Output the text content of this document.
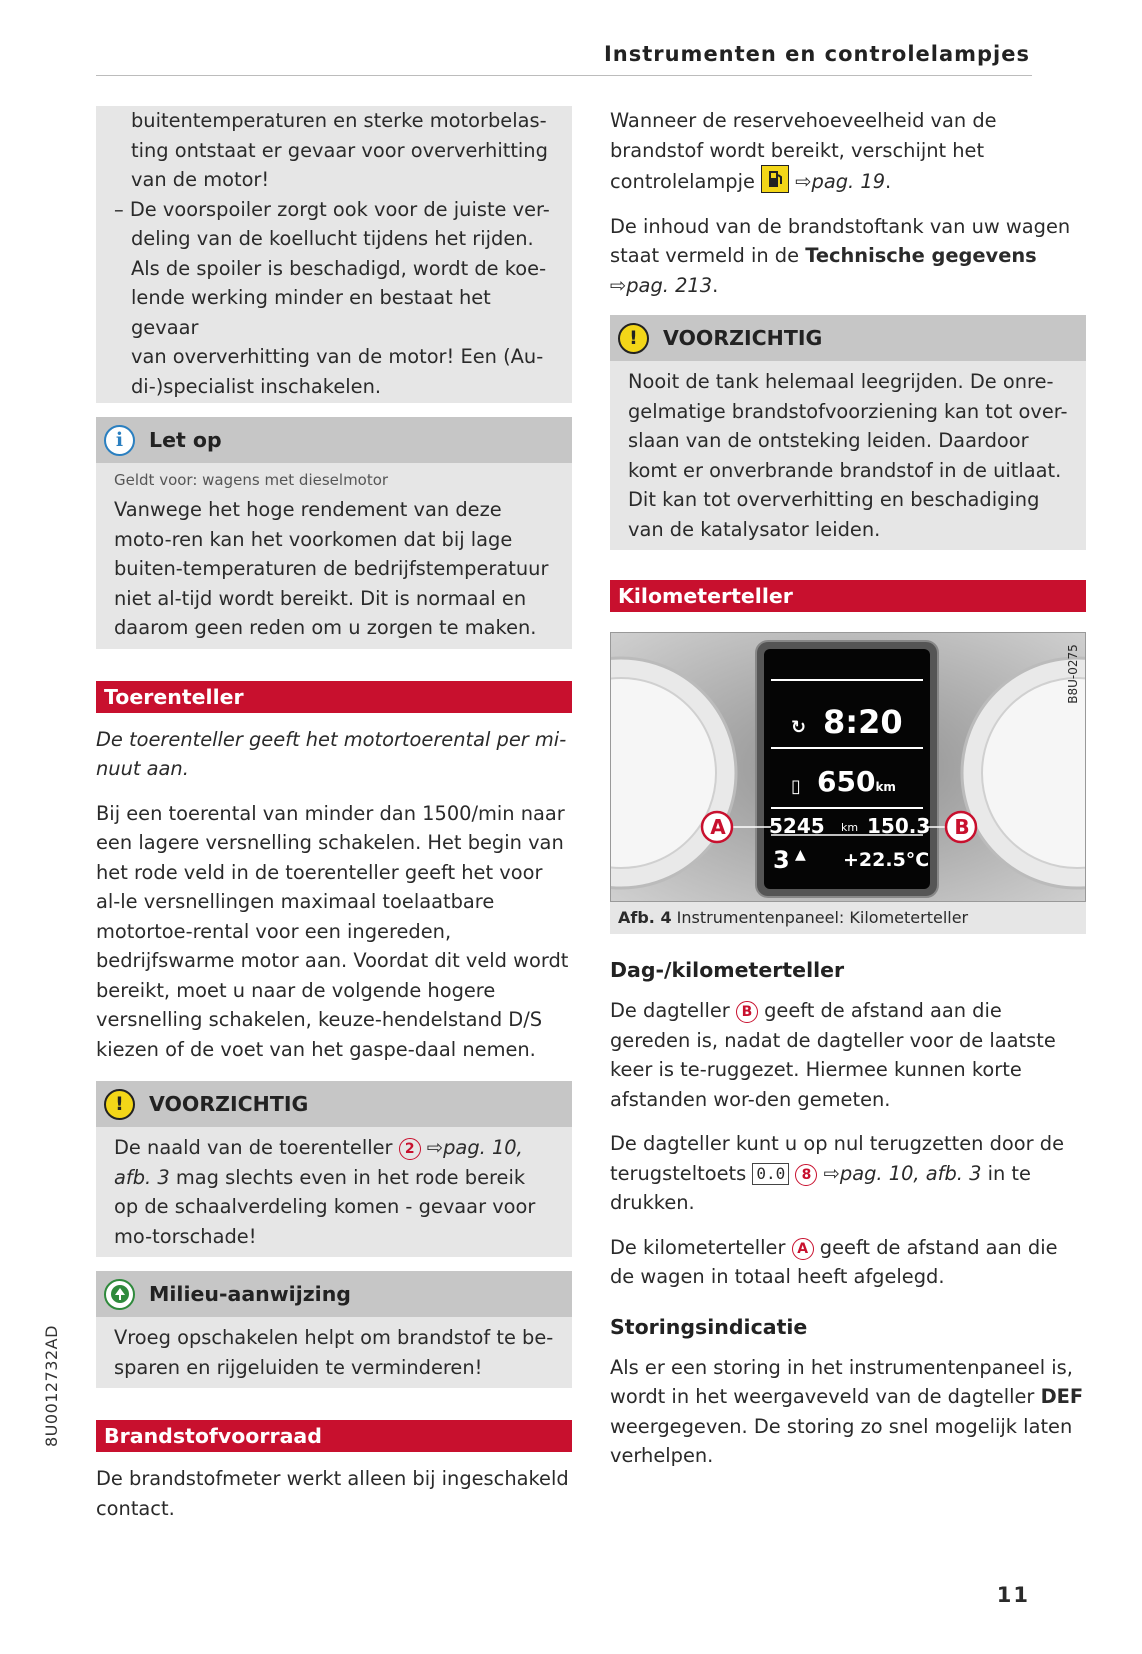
Instrumenten en controlelampjes
buitentemperaturen en sterke motorbelas-
ting ontstaat er gevaar voor oververhitting
van de motor!
– De voorspoiler zorgt ook voor de juiste ver-
deling van de koellucht tijdens het rijden.
Als de spoiler is beschadigd, wordt de koe-
lende werking minder en bestaat het gevaar
van oververhitting van de motor! Een (Au-
di-)specialist inschakelen.
i	Let op
Geldt voor: wagens met dieselmotor
Vanwege het hoge rendement van deze moto-ren kan het voorkomen dat bij lage buiten-temperaturen de bedrijfstemperatuur niet al-tijd wordt bereikt. Dit is normaal en daarom geen reden om u zorgen te maken.
Toerenteller

De toerenteller geeft het motortoerental per mi-nuut aan.

Bij een toerental van minder dan 1500/min naar een lagere versnelling schakelen. Het begin van het rode veld in de toerenteller geeft het voor al-le versnellingen maximaal toelaatbare motortoe-rental voor een ingereden, bedrijfswarme motor aan. Voordat dit veld wordt bereikt, moet u naar de volgende hogere versnelling schakelen, keuze-hendelstand D/S kiezen of de voet van het gaspe-daal nemen.

!	VOORZICHTIG
De naald van de toerenteller 2 ⇨pag. 10, afb. 3 mag slechts even in het rode bereik op de schaalverdeling komen - gevaar voor mo-torschade!
Milieu-aanwijzing
Vroeg opschakelen helpt om brandstof te be-sparen en rijgeluiden te verminderen!
Brandstofvoorraad

De brandstofmeter werkt alleen bij ingeschakeld contact.

Wanneer de reservehoeveelheid van de brandstof wordt bereikt, verschijnt het controlelampje ⇨pag. 19.

De inhoud van de brandstoftank van uw wagen staat vermeld in de Technische gegevens ⇨pag. 213.

!	VOORZICHTIG
Nooit de tank helemaal leegrijden. De onre-gelmatige brandstofvoorziening kan tot over-slaan van de ontsteking leiden. Daardoor komt er onverbrande brandstof in de uitlaat. Dit kan tot oververhitting en beschadiging van de katalysator leiden.
Kilometerteller
B8U-0275
↻ 8:20
▯ 650km
5245 km 150.3
3 ▲ +22.5°C
A	B
Afb. 4 Instrumentenpaneel: Kilometerteller
Dag-/kilometerteller

De dagteller B geeft de afstand aan die gereden is, nadat de dagteller voor de laatste keer is te-ruggezet. Hiermee kunnen korte afstanden wor-den gemeten.

De dagteller kunt u op nul terugzetten door de terugsteltoets 0.0 8 ⇨pag. 10, afb. 3 in te drukken.

De kilometerteller A geeft de afstand aan die de wagen in totaal heeft afgelegd.

Storingsindicatie

Als er een storing in het instrumentenpaneel is, wordt in het weergaveveld van de dagteller DEF weergegeven. De storing zo snel mogelijk laten verhelpen.

8U0012732AD
11
